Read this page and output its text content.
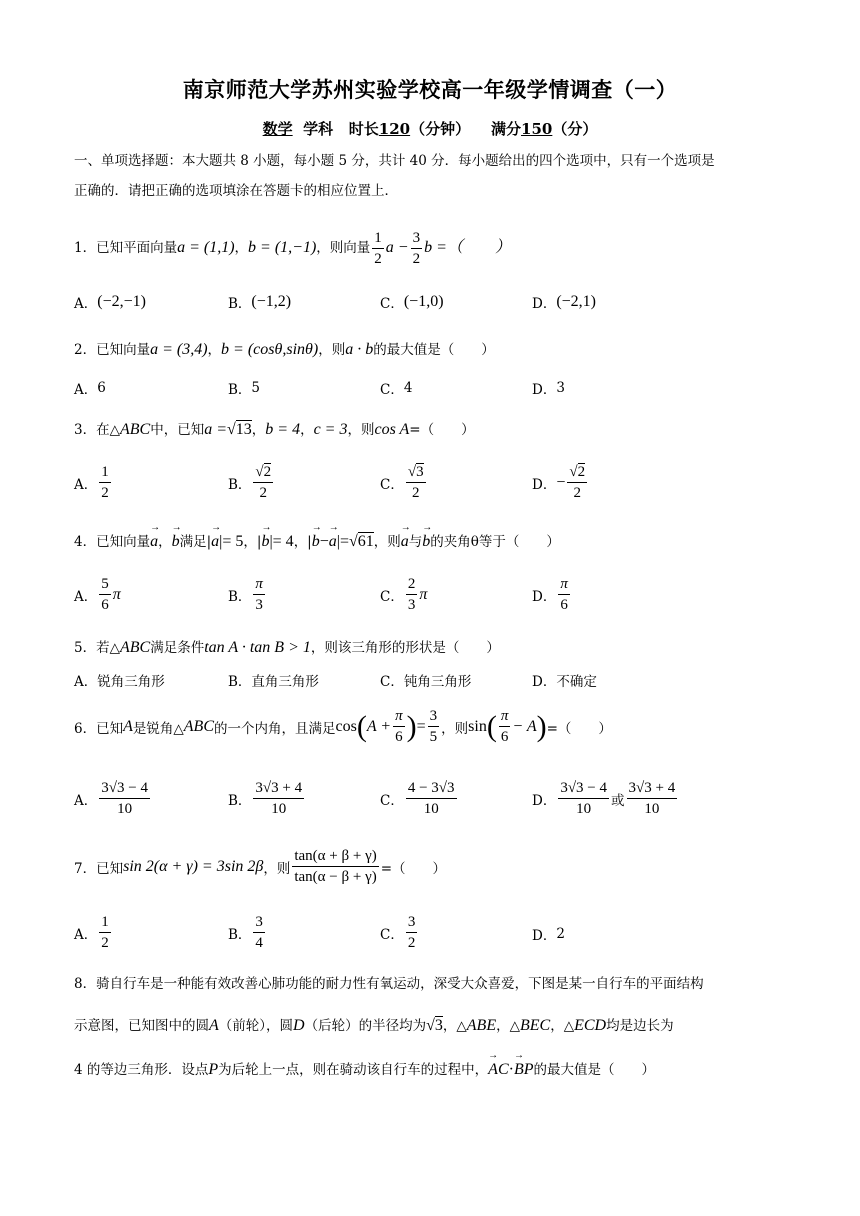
南京师范大学苏州实验学校高一年级学情调查（一）
数学 学科 时长120（分钟） 满分150（分）
一、单项选择题：本大题共 8 小题，每小题 5 分，共计 40 分．每小题给出的四个选项中，只有一个选项是
正确的．请把正确的选项填涂在答题卡的相应位置上．
1．已知平面向量a = (1,1)，b = (1,−1)，则向量 $\frac{1}{2}$ $a - \frac{3}{2}$ b =（　　）
A． (−2,−1)	B． (−1,2)	C． (−1,0)	D． (−2,1)
2．已知向量a = (3,4)，b = (cosθ,sinθ)，则a · b的最大值是（　　）
A． 6	B． 5	C． 4	D． 3
3．在△ABC中，已知a =√13，b = 4，c = 3，则cos A=（　　）
A． $\frac{1}{2}$	B． $\frac{√2}{2}$	C． $\frac{√3}{2}$	D． − $\frac{√2}{2}$
4．已知向量→ a，→ b满足|→ a|= 5，|→ b|= 4，|→ b−→ a|=√61，则→ a与→ b的夹角θ等于（　　）
A． $\frac{5}{6}$ π	B． $\frac{\pi}{3}$	C． $\frac{2}{3}$ π	D． $\frac{\pi}{6}$
5．若△ABC满足条件tan A · tan B > 1，则该三角形的形状是（　　）
A． 锐角三角形	B． 直角三角形	C． 钝角三角形	D． 不确定
6． 已知 A 是锐角△ ABC 的一个内角，且满足 cos ( $A + \frac{\pi}{6}$ ) = $\frac{3}{5}$ ，则 sin ( $\frac{\pi}{6} - A$ ) =（　　）
A． $\frac{3√3 - 4}{10}$	B． $\frac{3√3 + 4}{10}$	C． $\frac{4 - 3√3}{10}$	D． $\frac{3√3 - 4}{10}$ 或 $\frac{3√3 + 4}{10}$
7． 已知 sin 2(α + γ) = 3sin 2β ，则 $\frac{\tan(\alpha + \beta + \gamma)}{\tan(\alpha - \beta + \gamma)}$ =（　　）
A． $\frac{1}{2}$	B． $\frac{3}{4}$	C． $\frac{3}{2}$	D． 2
8．骑自行车是一种能有效改善心肺功能的耐力性有氧运动，深受大众喜爱，下图是某一自行车的平面结构
示意图，已知图中的圆A（前轮），圆D（后轮）的半径均为√3，△ABE，△BEC，△ECD均是边长为
4 的等边三角形．设点P为后轮上一点，则在骑动该自行车的过程中，→ AC·→ BP的最大值是（　　）
